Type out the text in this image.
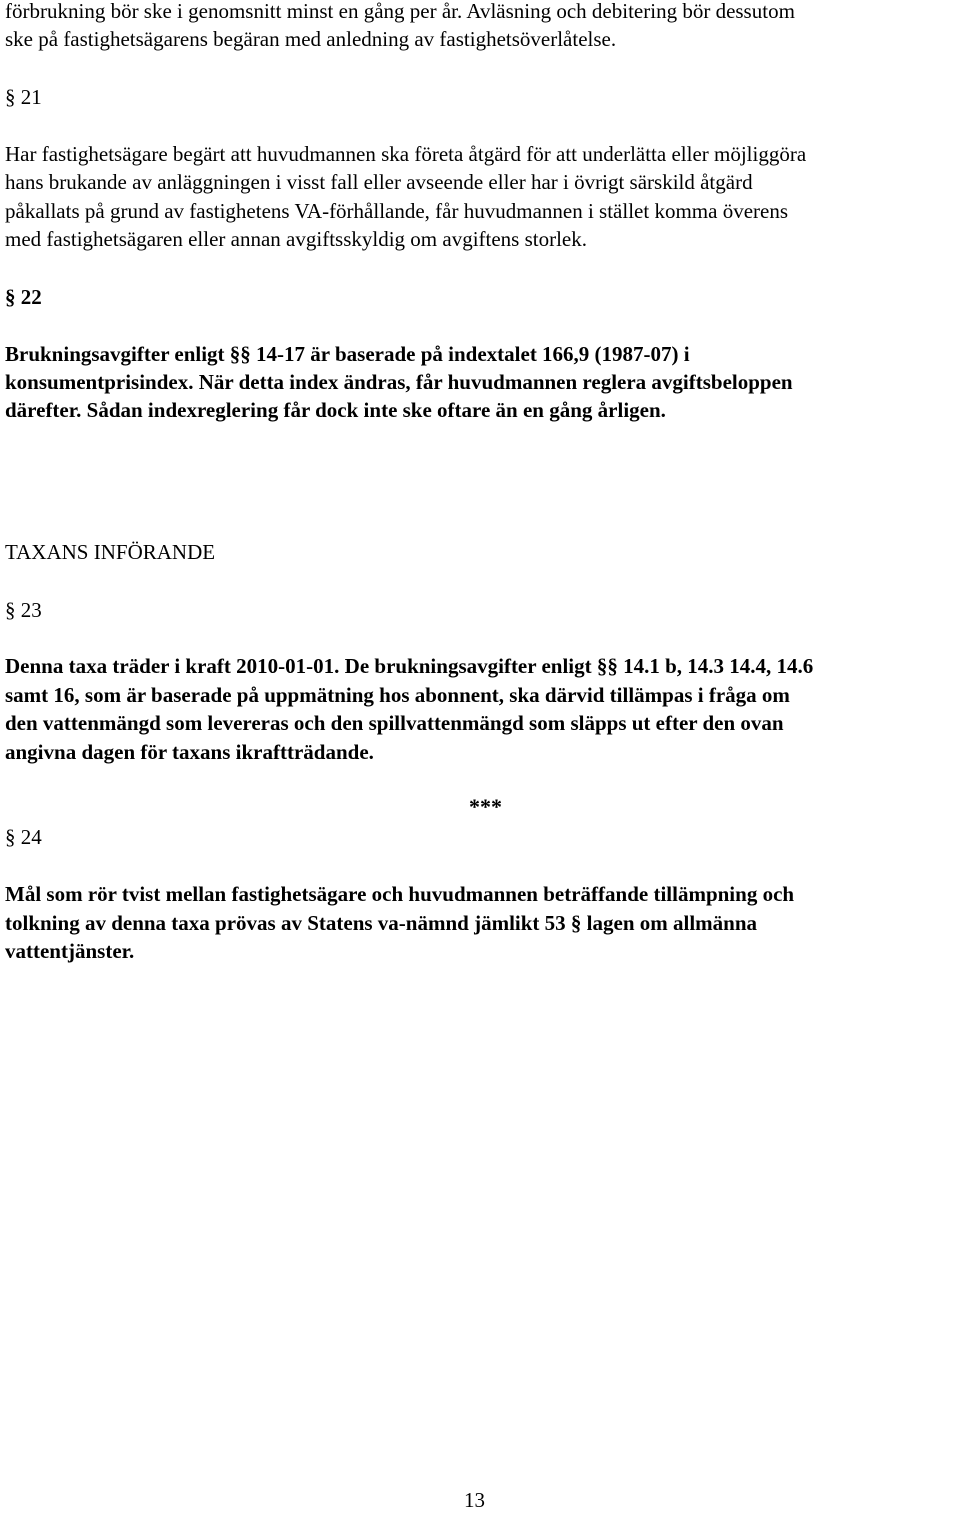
förbrukning bör ske i genomsnitt minst en gång per år. Avläsning och debitering bör dessutom
ske på fastighetsägarens begäran med anledning av fastighetsöverlåtelse.
§ 21
Har fastighetsägare begärt att huvudmannen ska företa åtgärd för att underlätta eller möjliggöra
hans brukande av anläggningen i visst fall eller avseende eller har i övrigt särskild åtgärd
påkallats på grund av fastighetens VA-förhållande, får huvudmannen i stället komma överens
med fastighetsägaren eller annan avgiftsskyldig om avgiftens storlek.
§ 22
Brukningsavgifter enligt §§ 14-17 är baserade på indextalet 166,9 (1987-07) i
konsumentprisindex. När detta index ändras, får huvudmannen reglera avgiftsbeloppen
därefter. Sådan indexreglering får dock inte ske oftare än en gång årligen.
TAXANS INFÖRANDE
§ 23
Denna taxa träder i kraft 2010-01-01. De brukningsavgifter enligt §§ 14.1 b, 14.3 14.4, 14.6
samt 16, som är baserade på uppmätning hos abonnent, ska därvid tillämpas i fråga om
den vattenmängd som levereras och den spillvattenmängd som släpps ut efter den ovan
angivna dagen för taxans ikraftträdande.
***
§ 24
Mål som rör tvist mellan fastighetsägare och huvudmannen beträffande tillämpning och
tolkning av denna taxa prövas av Statens va-nämnd jämlikt 53 § lagen om allmänna
vattentjänster.
13
